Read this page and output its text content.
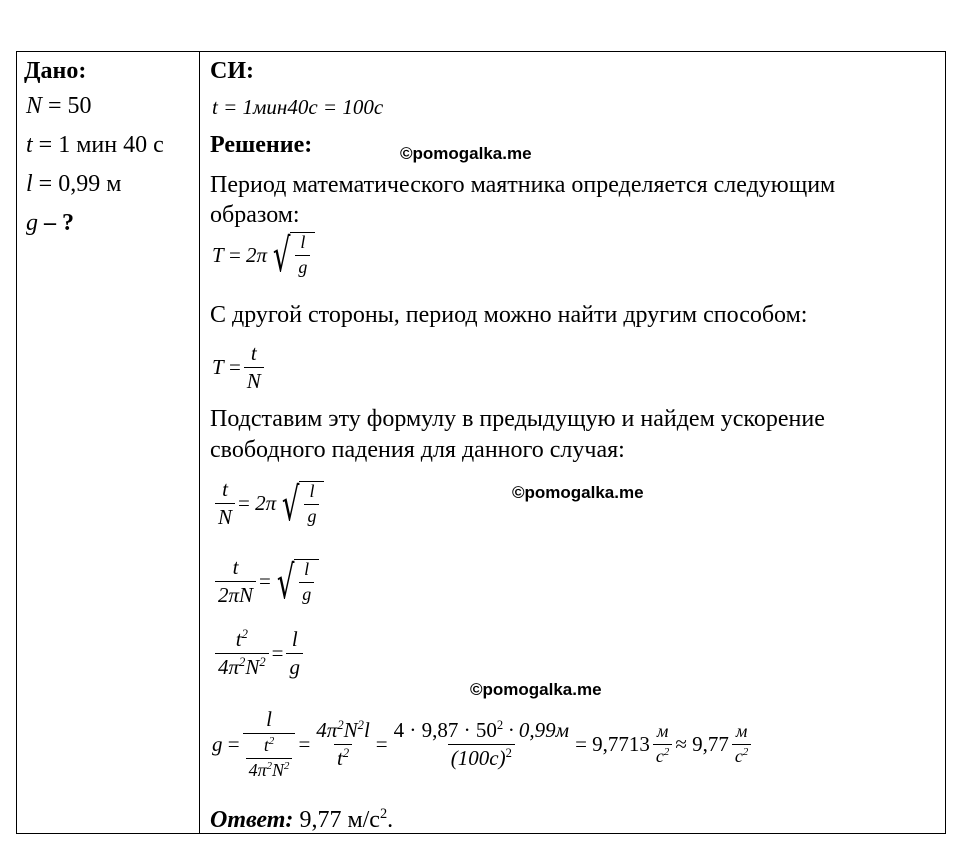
Дано:
N = 50
t = 1 мин 40 с
l = 0,99 м
g – ?
СИ:
t = 1мин40с = 100с
Решение:	©pomogalka.me
Период математического маятника определяется следующим
образом:
T
=
2π √ $\frac{l}{g}$
С другой стороны, период можно найти другим способом:
T
= $\frac{t}{N}$
Подставим эту формулу в предыдущую и найдем ускорение
свободного падения для данного случая:
©pomogalka.me
$\frac{t}{N}$ =
2π √ $\frac{l}{g}$
$\frac{t}{2\pi N}$ = √ $\frac{l}{g}$
$\frac{t^2}{4\pi^2N^2} = \frac{l}{g}$
©pomogalka.me
g
= $\frac{l}{\frac{t^2}{4\pi^2N^2}} = \frac{4\pi^2N^2l}{t^2} = \frac{4 \cdot 9,87 \cdot 50^2 \cdot 0,99м}{(100с)^2}$ =
$9,7713 \frac{м}{с^2}$ ≈
$9,77 \frac{м}{с^2}$
Ответ: 9,77 $м/с^2$.
